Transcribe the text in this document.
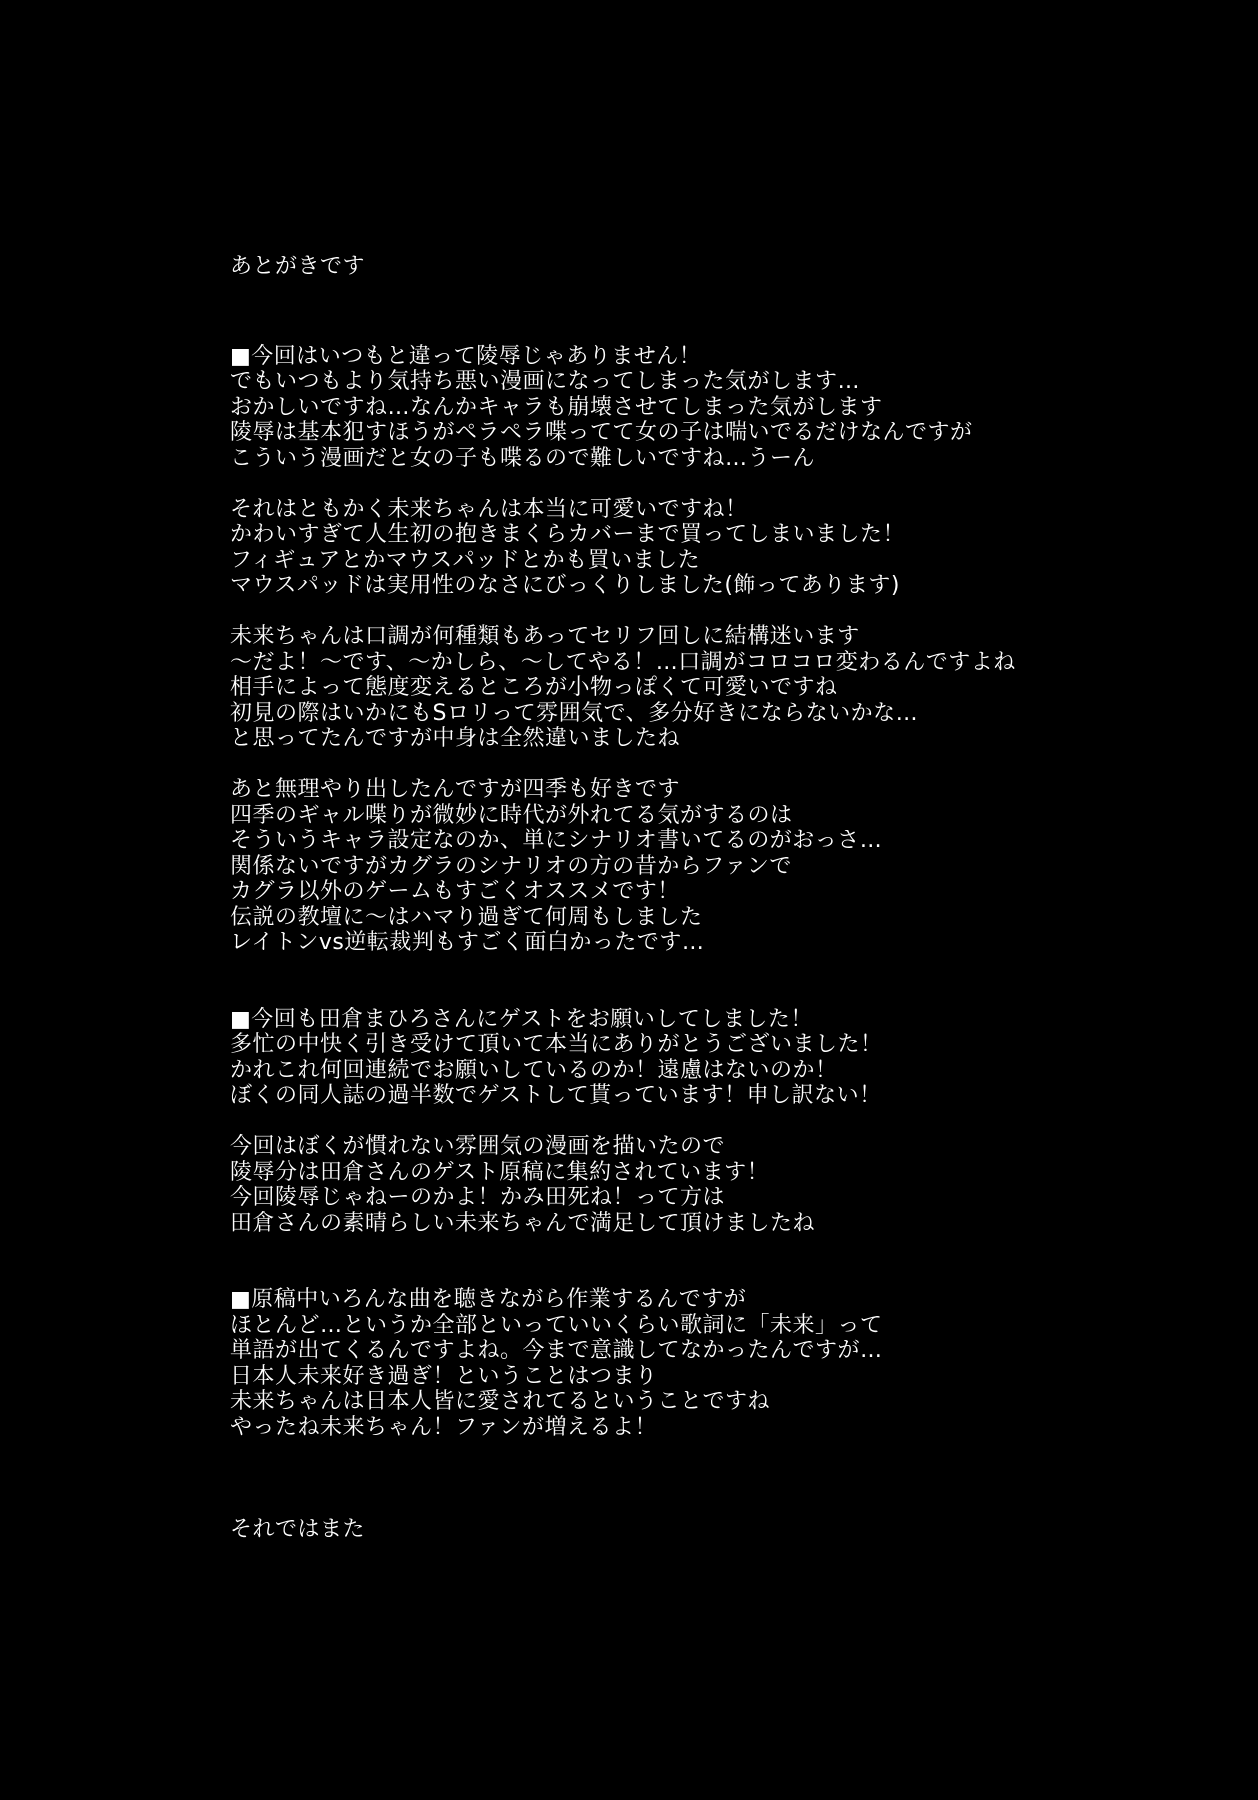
あとがきです
■今回はいつもと違って陵辱じゃありません！
でもいつもより気持ち悪い漫画になってしまった気がします…
おかしいですね…なんかキャラも崩壊させてしまった気がします
陵辱は基本犯すほうがペラペラ喋ってて女の子は喘いでるだけなんですが
こういう漫画だと女の子も喋るので難しいですね…うーん
それはともかく未来ちゃんは本当に可愛いですね！
かわいすぎて人生初の抱きまくらカバーまで買ってしまいました！
フィギュアとかマウスパッドとかも買いました
マウスパッドは実用性のなさにびっくりしました(飾ってあります)
未来ちゃんは口調が何種類もあってセリフ回しに結構迷います
～だよ！～です、～かしら、～してやる！…口調がコロコロ変わるんですよね
相手によって態度変えるところが小物っぽくて可愛いですね
初見の際はいかにもSロリって雰囲気で、多分好きにならないかな…
と思ってたんですが中身は全然違いましたね
あと無理やり出したんですが四季も好きです
四季のギャル喋りが微妙に時代が外れてる気がするのは
そういうキャラ設定なのか、単にシナリオ書いてるのがおっさ…
関係ないですがカグラのシナリオの方の昔からファンで
カグラ以外のゲームもすごくオススメです！
伝説の教壇に～はハマり過ぎて何周もしました
レイトンvs逆転裁判もすごく面白かったです…
■今回も田倉まひろさんにゲストをお願いしてしました！
多忙の中快く引き受けて頂いて本当にありがとうございました！
かれこれ何回連続でお願いしているのか！遠慮はないのか！
ぼくの同人誌の過半数でゲストして貰っています！申し訳ない！
今回はぼくが慣れない雰囲気の漫画を描いたので
陵辱分は田倉さんのゲスト原稿に集約されています！
今回陵辱じゃねーのかよ！かみ田死ね！って方は
田倉さんの素晴らしい未来ちゃんで満足して頂けましたね
■原稿中いろんな曲を聴きながら作業するんですが
ほとんど…というか全部といっていいくらい歌詞に「未来」って
単語が出てくるんですよね。今まで意識してなかったんですが…
日本人未来好き過ぎ！ということはつまり
未来ちゃんは日本人皆に愛されてるということですね
やったね未来ちゃん！ファンが増えるよ！
それではまた
